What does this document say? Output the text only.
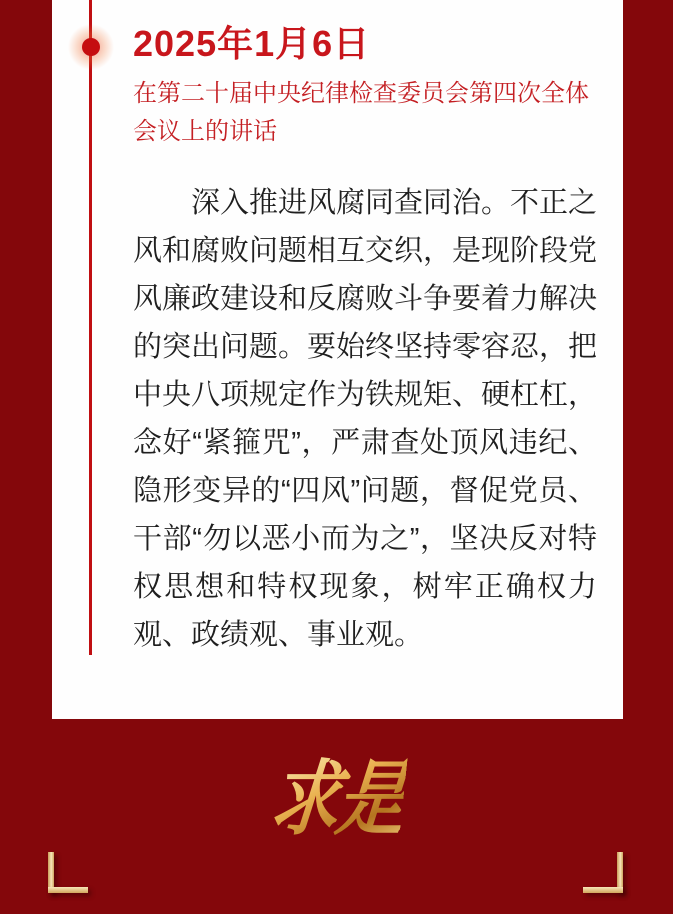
2025年1月6日
在第二十届中央纪律检查委员会第四次全体会议上的讲话

深入推进风腐同查同治。不正之风和腐败问题相互交织，是现阶段党风廉政建设和反腐败斗争要着力解决的突出问题。要始终坚持零容忍，把中央八项规定作为铁规矩、硬杠杠，念好“紧箍咒”，严肃查处顶风违纪、隐形变异的“四风”问题，督促党员、干部“勿以恶小而为之”，坚决反对特权思想和特权现象，树牢正确权力观、政绩观、事业观。

求是
